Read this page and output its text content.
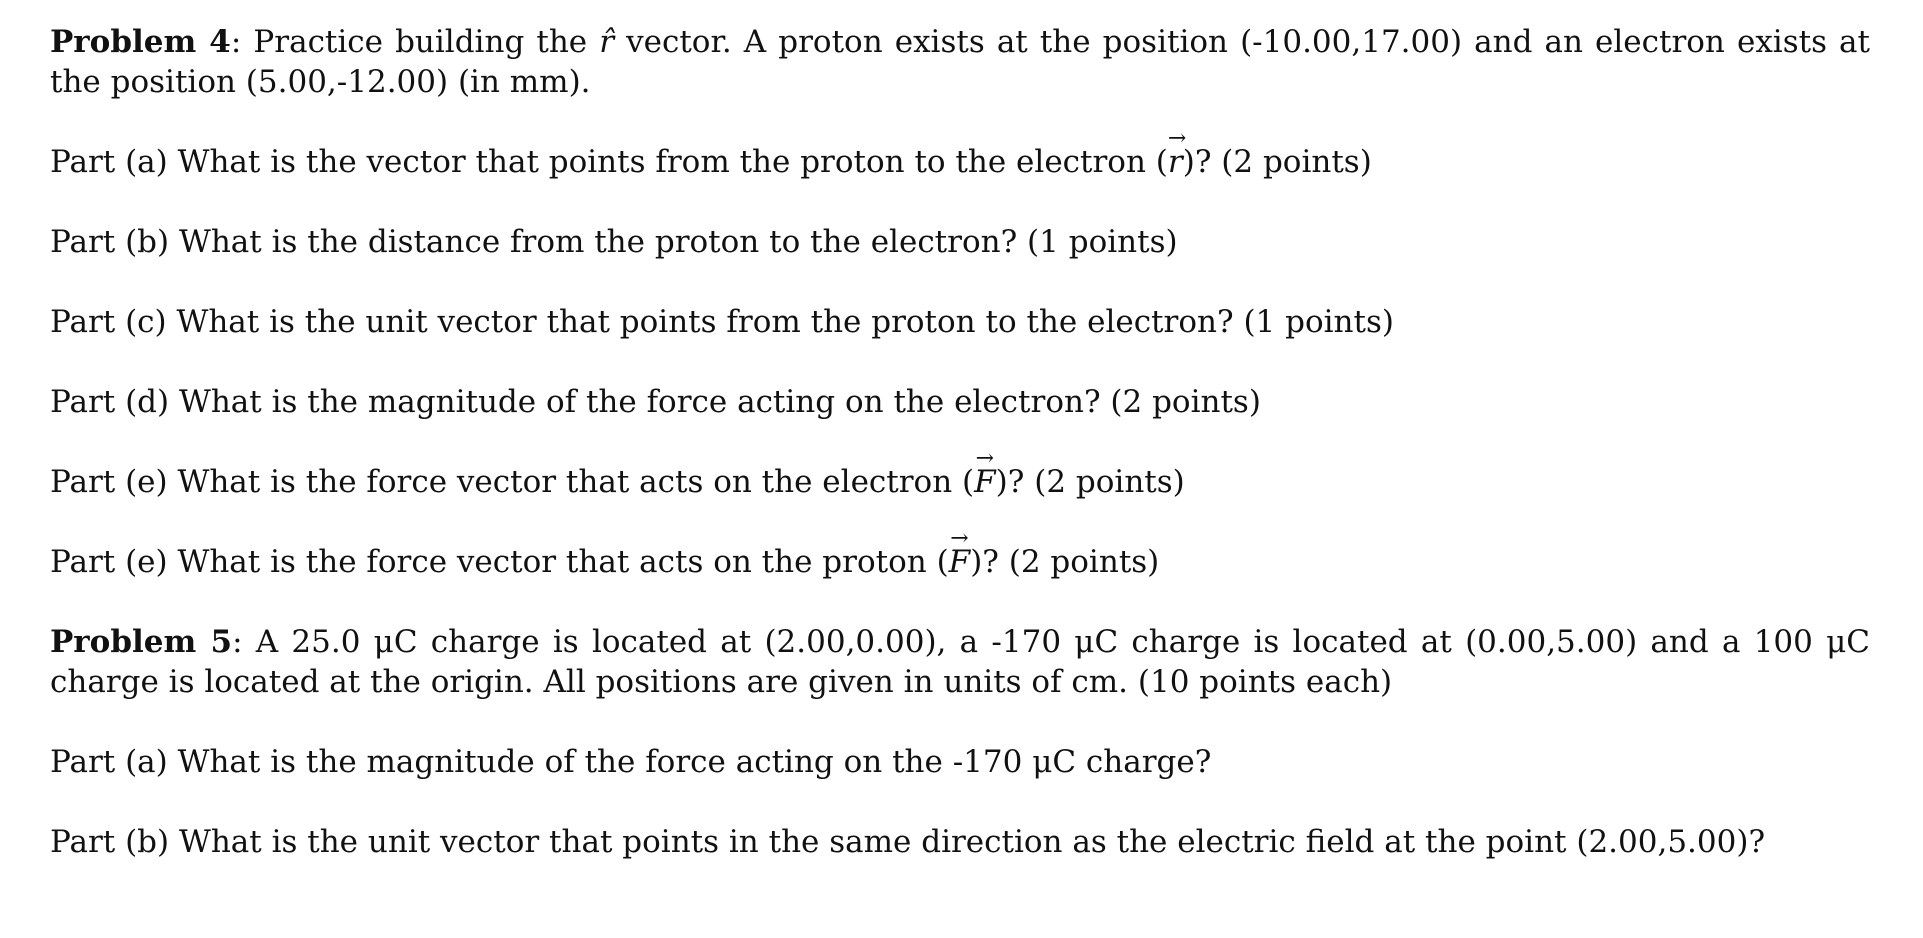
Problem 4: Practice building the r̂ vector. A proton exists at the position (-10.00,17.00) and an electron exists at the position (5.00,-12.00) (in mm).

Part (a) What is the vector that points from the proton to the electron (
→
r)? (2 points)

Part (b) What is the distance from the proton to the electron? (1 points)

Part (c) What is the unit vector that points from the proton to the electron? (1 points)

Part (d) What is the magnitude of the force acting on the electron? (2 points)

Part (e) What is the force vector that acts on the electron (
→
F)? (2 points)

Part (e) What is the force vector that acts on the proton (
→
F)? (2 points)

Problem 5: A 25.0 μC charge is located at (2.00,0.00), a -170 μC charge is located at (0.00,5.00) and a 100 μC charge is located at the origin. All positions are given in units of cm. (10 points each)

Part (a) What is the magnitude of the force acting on the -170 μC charge?

Part (b) What is the unit vector that points in the same direction as the electric field at the point (2.00,5.00)?
